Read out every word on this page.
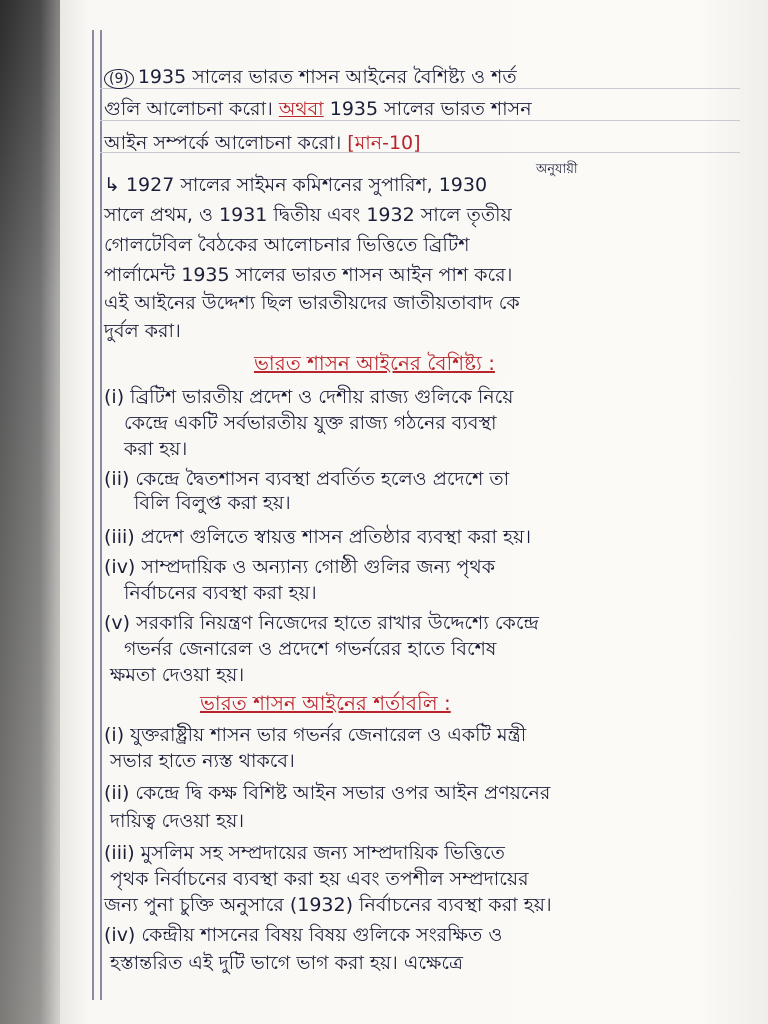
(9) 1935 সালের ভারত শাসন আইনের বৈশিষ্ট্য ও শর্ত
গুলি আলোচনা করো। অথবা 1935 সালের ভারত শাসন
আইন সম্পর্কে আলোচনা করো। [মান-10]
অনুযায়ী
↳ 1927 সালের সাইমন কমিশনের সুপারিশ, 1930
সালে প্রথম, ও 1931 দ্বিতীয় এবং 1932 সালে তৃতীয়
গোলটেবিল বৈঠকের আলোচনার ভিত্তিতে ব্রিটিশ
পার্লামেন্ট 1935 সালের ভারত শাসন আইন পাশ করে।
এই আইনের উদ্দেশ্য ছিল ভারতীয়দের জাতীয়তাবাদ কে
দুর্বল করা।
ভারত শাসন আইনের বৈশিষ্ট্য :
(i) ব্রিটিশ ভারতীয় প্রদেশ ও দেশীয় রাজ্য গুলিকে নিয়ে
কেন্দ্রে একটি সর্বভারতীয় যুক্ত রাজ্য গঠনের ব্যবস্থা
করা হয়।
(ii) কেন্দ্রে দ্বৈতশাসন ব্যবস্থা প্রবর্তিত হলেও প্রদেশে তা
বিলি বিলুপ্ত করা হয়।
(iii) প্রদেশ গুলিতে স্বায়ত্ত শাসন প্রতিষ্ঠার ব্যবস্থা করা হয়।
(iv) সাম্প্রদায়িক ও অন্যান্য গোষ্ঠী গুলির জন্য পৃথক
নির্বাচনের ব্যবস্থা করা হয়।
(v) সরকারি নিয়ন্ত্রণ নিজেদের হাতে রাখার উদ্দেশ্যে কেন্দ্রে
গভর্নর জেনারেল ও প্রদেশে গভর্নরের হাতে বিশেষ
ক্ষমতা দেওয়া হয়।
ভারত শাসন আইনের শর্তাবলি :
(i) যুক্তরাষ্ট্রীয় শাসন ভার গভর্নর জেনারেল ও একটি মন্ত্রী
সভার হাতে ন্যস্ত থাকবে।
(ii) কেন্দ্রে দ্বি কক্ষ বিশিষ্ট আইন সভার ওপর আইন প্রণয়নের
দায়িত্ব দেওয়া হয়।
(iii) মুসলিম সহ সম্প্রদায়ের জন্য সাম্প্রদায়িক ভিত্তিতে
পৃথক নির্বাচনের ব্যবস্থা করা হয় এবং তপশীল সম্প্রদায়ের
জন্য পুনা চুক্তি অনুসারে (1932) নির্বাচনের ব্যবস্থা করা হয়।
(iv) কেন্দ্রীয় শাসনের বিষয় বিষয় গুলিকে সংরক্ষিত ও
হস্তান্তরিত এই দুটি ভাগে ভাগ করা হয়। এক্ষেত্রে
